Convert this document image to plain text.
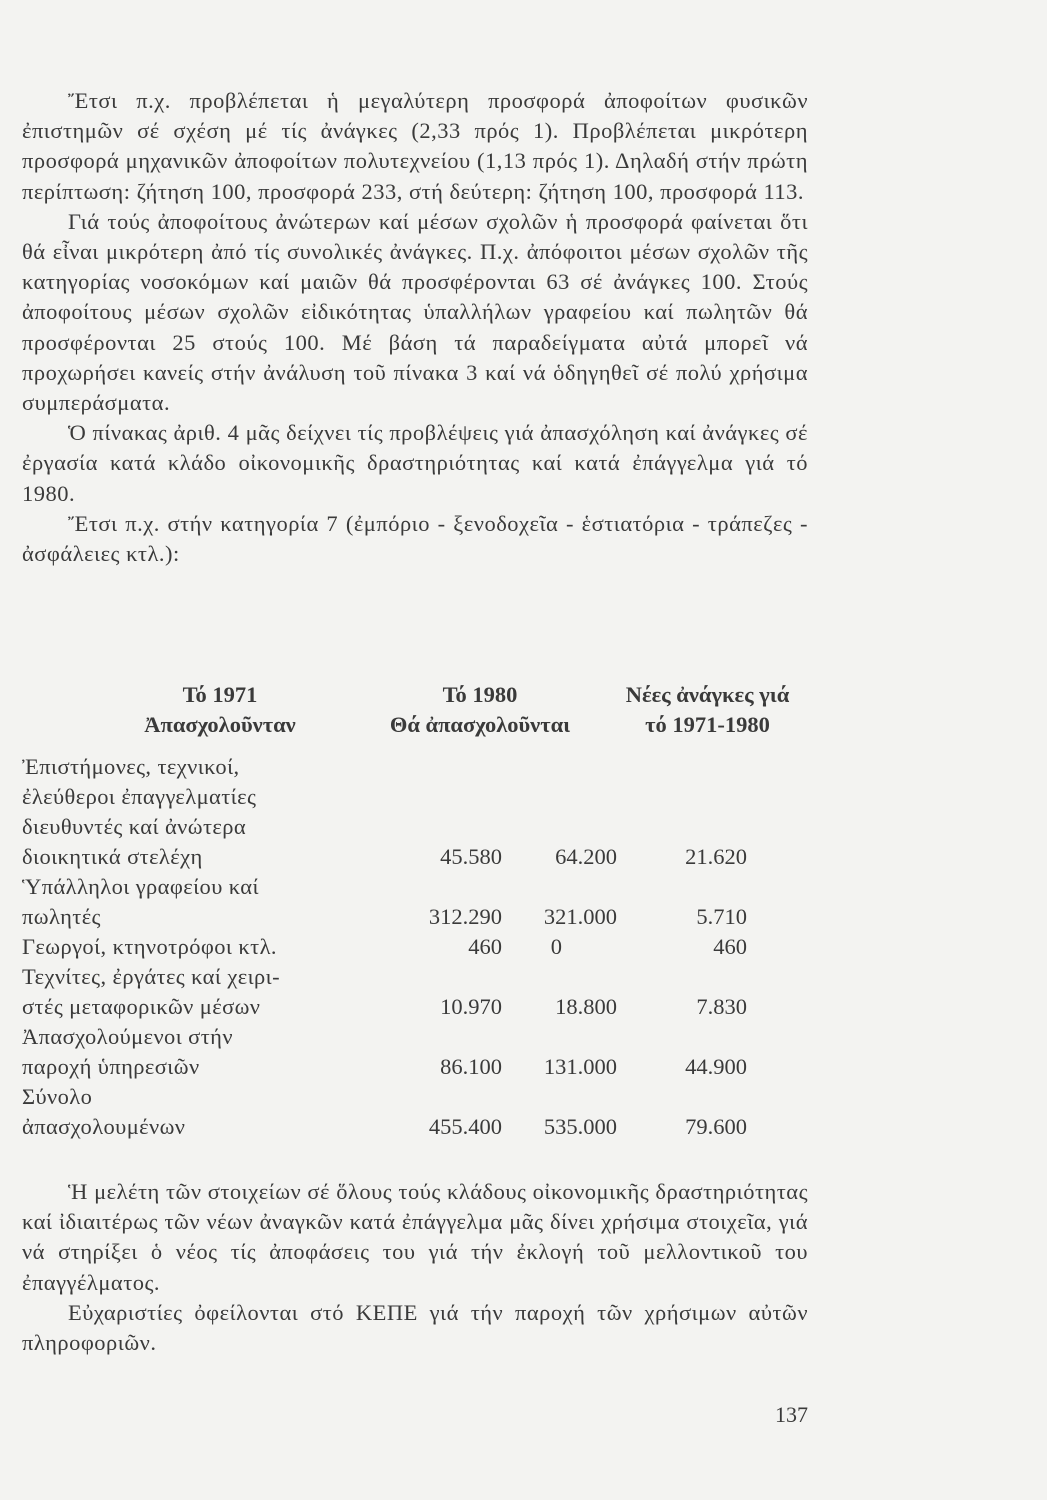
Ἔτσι π.χ. προβλέπεται ἡ μεγαλύτερη προσφορά ἀποφοίτων φυσικῶν ἐπιστημῶν σέ σχέση μέ τίς ἀνάγκες (2,33 πρός 1). Προβλέπεται μικρότερη προσφορά μηχανικῶν ἀποφοίτων πολυτεχνείου (1,13 πρός 1). Δηλαδή στήν πρώτη περίπτωση: ζήτηση 100, προσφορά 233, στή δεύτερη: ζήτηση 100, προσφορά 113.

Γιά τούς ἀποφοίτους ἀνώτερων καί μέσων σχολῶν ἡ προσφορά φαίνεται ὅτι θά εἶναι μικρότερη ἀπό τίς συνολικές ἀνάγκες. Π.χ. ἀπόφοιτοι μέσων σχολῶν τῆς κατηγορίας νοσοκόμων καί μαιῶν θά προσφέρονται 63 σέ ἀνάγκες 100. Στούς ἀποφοίτους μέσων σχολῶν εἰδικότητας ὑπαλλήλων γραφείου καί πωλητῶν θά προσφέρονται 25 στούς 100. Μέ βάση τά παραδείγματα αὐτά μπορεῖ νά προχωρήσει κανείς στήν ἀνάλυση τοῦ πίνακα 3 καί νά ὁδηγηθεῖ σέ πολύ χρήσιμα συμπεράσματα.

Ὁ πίνακας ἀριθ. 4 μᾶς δείχνει τίς προβλέψεις γιά ἀπασχόληση καί ἀνάγκες σέ ἐργασία κατά κλάδο οἰκονομικῆς δραστηριότητας καί κατά ἐπάγγελμα γιά τό 1980.

Ἔτσι π.χ. στήν κατηγορία 7 (ἐμπόριο - ξενοδοχεῖα - ἑστιατόρια - τράπεζες - ἀσφάλειες κτλ.):

Τό 1971
Ἀπασχολοῦνταν
Τό 1980
Θά ἀπασχολοῦνται
Νέες ἀνάγκες γιά
τό 1971-1980
Ἐπιστήμονες, τεχνικοί,
ἐλεύθεροι ἐπαγγελματίες
διευθυντές καί ἀνώτερα
διοικητικά στελέχη	45.580	64.200	21.620
Ὑπάλληλοι γραφείου καί
πωλητές	312.290	321.000	5.710
Γεωργοί, κτηνοτρόφοι κτλ.	460	0	460
Τεχνίτες, ἐργάτες καί χειρι-
στές μεταφορικῶν μέσων	10.970	18.800	7.830
Ἀπασχολούμενοι στήν
παροχή ὑπηρεσιῶν	86.100	131.000	44.900
Σύνολο
ἀπασχολουμένων	455.400	535.000	79.600

Ἡ μελέτη τῶν στοιχείων σέ ὅλους τούς κλάδους οἰκονομικῆς δραστηριότητας καί ἰδιαιτέρως τῶν νέων ἀναγκῶν κατά ἐπάγγελμα μᾶς δίνει χρήσιμα στοιχεῖα, γιά νά στηρίξει ὁ νέος τίς ἀποφάσεις του γιά τήν ἐκλογή τοῦ μελλοντικοῦ του ἐπαγγέλματος.

Εὐχαριστίες ὀφείλονται στό ΚΕΠΕ γιά τήν παροχή τῶν χρήσιμων αὐτῶν πληροφοριῶν.

137
